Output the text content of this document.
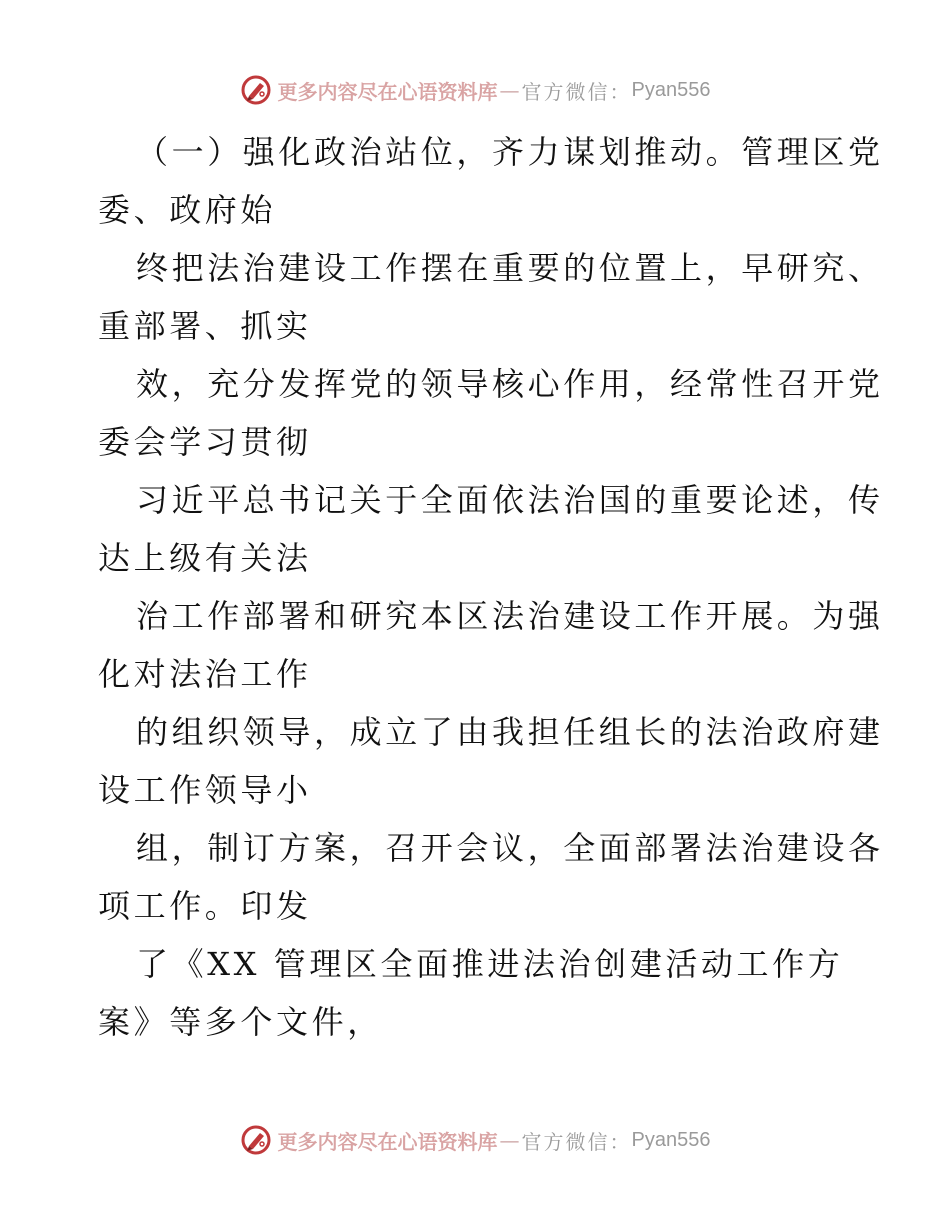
更多内容尽在心语资料库 — 官方微信： Pyan556
（一）强化政治站位，齐力谋划推动。管理区党
委、政府始
终把法治建设工作摆在重要的位置上，早研究、
重部署、抓实
效，充分发挥党的领导核心作用，经常性召开党
委会学习贯彻
习近平总书记关于全面依法治国的重要论述，传
达上级有关法
治工作部署和研究本区法治建设工作开展。为强
化对法治工作
的组织领导，成立了由我担任组长的法治政府建
设工作领导小
组，制订方案，召开会议，全面部署法治建设各
项工作。印发
了《XX 管理区全面推进法治创建活动工作方
案》等多个文件，
更多内容尽在心语资料库 — 官方微信： Pyan556
